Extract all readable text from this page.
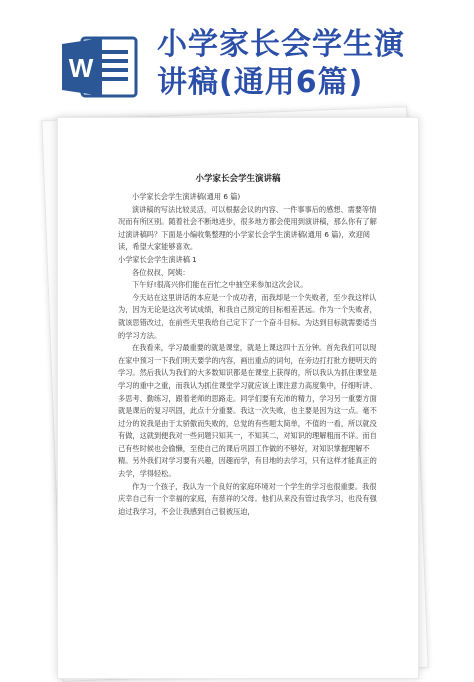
W
小学家长会学生演
讲稿(通用6篇)
小学家长会学生演讲稿

小学家长会学生演讲稿(通用 6 篇)

演讲稿的写法比较灵活，可以根据会议的内容、一件事事后的感想、需要等情况而有所区别。随着社会不断地进步，很多地方都会使用到演讲稿，那么你有了解过演讲稿吗？下面是小编收集整理的小学家长会学生演讲稿(通用 6 篇)，欢迎阅读，希望大家能够喜欢。

小学家长会学生演讲稿 1

各位叔叔、阿姨：

下午好!很高兴你们能在百忙之中抽空来参加这次会议。

今天站在这里讲话的本应是一个成功者，而我却是一个失败者，至少我这样认为，因为无论是这次考试成绩，和我自己预定的目标相差甚远。作为一个失败者，就该思错改过，在前些天里我给自己定下了一个奋斗目标。为达到目标就需要适当的学习方法。

在我看来，学习最重要的就是课堂，就是上课这四十五分钟。首先我们可以现在家中预习一下我们明天要学的内容，画出重点的词句，在旁边打打批方便明天的学习。然后我认为我们的大多数知识都是在课堂上获得的，所以我认为抓住课堂是学习的重中之重，而我认为抓住课堂学习就应该上课注意力高度集中，仔细听讲、多思考、勤练习，跟着老师的思路走。同学们要有充沛的精力，学习另一重要方面就是课后的复习巩固，此点十分重要。我这一次失败，也主要是因为这一点。毫不过分的说我是由于太骄傲而失败的，总觉的有些题太简单，不值的一看，所以就没有做，这就到便我对一些问题只知其一，不知其二，对知识的理解粗而不详。而自己有些时候也会偷懒，至使自己的课后巩固工作做的不够好，对知识掌握理解不精。另外我们对学习要有兴趣，因趣而学，有目地的去学习，只有这样才能真正的去学，学得轻松。

作为一个孩子，我认为一个良好的家庭环境对一个学生的学习也很重要。我很庆幸自己有一个幸福的家庭，有慈祥的父母。他们从来没有管过我学习，也没有强迫过我学习，不会让我感到自己很被压迫，
